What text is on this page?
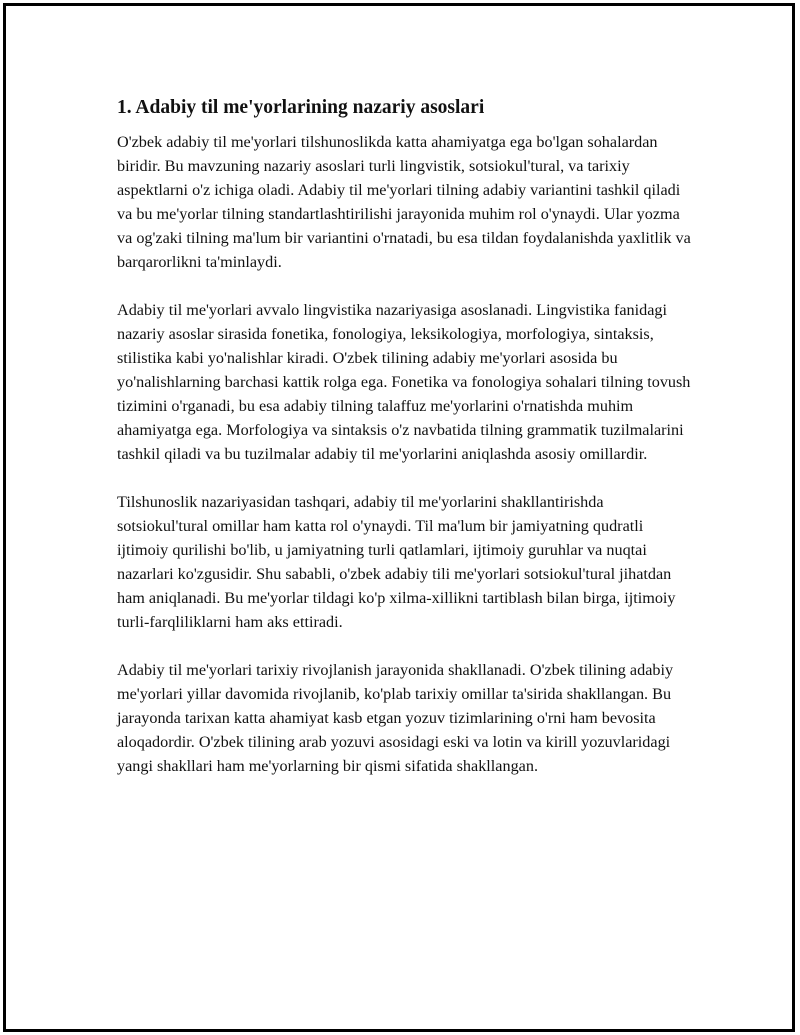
1. Adabiy til me'yorlarining nazariy asoslari

O'zbek adabiy til me'yorlari tilshunoslikda katta ahamiyatga ega bo'lgan sohalardan biridir. Bu mavzuning nazariy asoslari turli lingvistik, sotsiokul'tural, va tarixiy aspektlarni o'z ichiga oladi. Adabiy til me'yorlari tilning adabiy variantini tashkil qiladi va bu me'yorlar tilning standartlashtirilishi jarayonida muhim rol o'ynaydi. Ular yozma va og'zaki tilning ma'lum bir variantini o'rnatadi, bu esa tildan foydalanishda yaxlitlik va barqarorlikni ta'minlaydi.

Adabiy til me'yorlari avvalo lingvistika nazariyasiga asoslanadi. Lingvistika fanidagi nazariy asoslar sirasida fonetika, fonologiya, leksikologiya, morfologiya, sintaksis, stilistika kabi yo'nalishlar kiradi. O'zbek tilining adabiy me'yorlari asosida bu yo'nalishlarning barchasi kattik rolga ega. Fonetika va fonologiya sohalari tilning tovush tizimini o'rganadi, bu esa adabiy tilning talaffuz me'yorlarini o'rnatishda muhim ahamiyatga ega. Morfologiya va sintaksis o'z navbatida tilning grammatik tuzilmalarini tashkil qiladi va bu tuzilmalar adabiy til me'yorlarini aniqlashda asosiy omillardir.

Tilshunoslik nazariyasidan tashqari, adabiy til me'yorlarini shakllantirishda sotsiokul'tural omillar ham katta rol o'ynaydi. Til ma'lum bir jamiyatning qudratli ijtimoiy qurilishi bo'lib, u jamiyatning turli qatlamlari, ijtimoiy guruhlar va nuqtai nazarlari ko'zgusidir. Shu sababli, o'zbek adabiy tili me'yorlari sotsiokul'tural jihatdan ham aniqlanadi. Bu me'yorlar tildagi ko'p xilma-xillikni tartiblash bilan birga, ijtimoiy turli-farqliliklarni ham aks ettiradi.

Adabiy til me'yorlari tarixiy rivojlanish jarayonida shakllanadi. O'zbek tilining adabiy me'yorlari yillar davomida rivojlanib, ko'plab tarixiy omillar ta'sirida shakllangan. Bu jarayonda tarixan katta ahamiyat kasb etgan yozuv tizimlarining o'rni ham bevosita aloqadordir. O'zbek tilining arab yozuvi asosidagi eski va lotin va kirill yozuvlaridagi yangi shakllari ham me'yorlarning bir qismi sifatida shakllangan.
